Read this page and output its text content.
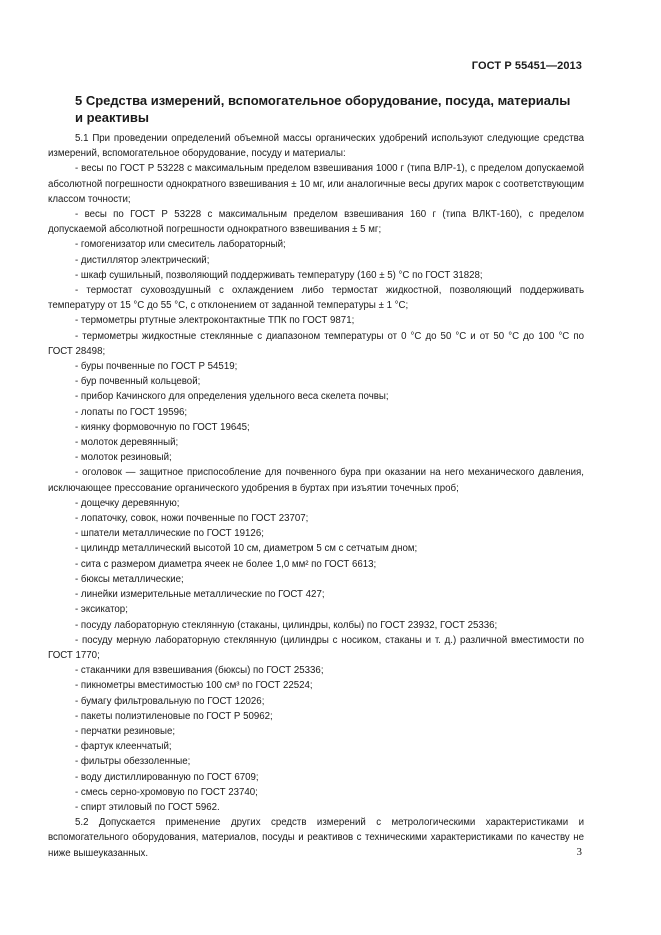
ГОСТ Р 55451—2013
5 Средства измерений, вспомогательное оборудование, посуда, материалы и реактивы

5.1 При проведении определений объемной массы органических удобрений используют следующие средства измерений, вспомогательное оборудование, посуду и материалы:

- весы по ГОСТ Р 53228 с максимальным пределом взвешивания 1000 г (типа ВЛР-1), с пределом допускаемой абсолютной погрешности однократного взвешивания ± 10 мг, или аналогичные весы других марок с соответствующим классом точности;

- весы по ГОСТ Р 53228 с максимальным пределом взвешивания 160 г (типа ВЛКТ-160), с пределом допускаемой абсолютной погрешности однократного взвешивания ± 5 мг;

- гомогенизатор или смеситель лабораторный;

- дистиллятор электрический;

- шкаф сушильный, позволяющий поддерживать температуру (160 ± 5) °С по ГОСТ 31828;

- термостат суховоздушный с охлаждением либо термостат жидкостной, позволяющий поддерживать температуру от 15 °С до 55 °С, с отклонением от заданной температуры ± 1 °С;

- термометры ртутные электроконтактные ТПК по ГОСТ 9871;

- термометры жидкостные стеклянные с диапазоном температуры от 0 °С до 50 °С и от 50 °С до 100 °С по ГОСТ 28498;

- буры почвенные по ГОСТ Р 54519;

- бур почвенный кольцевой;

- прибор Качинского для определения удельного веса скелета почвы;

- лопаты по ГОСТ 19596;

- киянку формовочную по ГОСТ 19645;

- молоток деревянный;

- молоток резиновый;

- оголовок — защитное приспособление для почвенного бура при оказании на него механического давления, исключающее прессование органического удобрения в буртах при изъятии точечных проб;

- дощечку деревянную;

- лопаточку, совок, ножи почвенные по ГОСТ 23707;

- шпатели металлические по ГОСТ 19126;

- цилиндр металлический высотой 10 см, диаметром 5 см с сетчатым дном;

- сита с размером диаметра ячеек не более 1,0 мм² по ГОСТ 6613;

- бюксы металлические;

- линейки измерительные металлические по ГОСТ 427;

- эксикатор;

- посуду лабораторную стеклянную (стаканы, цилиндры, колбы) по ГОСТ 23932, ГОСТ 25336;

- посуду мерную лабораторную стеклянную (цилиндры с носиком, стаканы и т. д.) различной вместимости по ГОСТ 1770;

- стаканчики для взвешивания (бюксы) по ГОСТ 25336;

- пикнометры вместимостью 100 см³ по ГОСТ 22524;

- бумагу фильтровальную по ГОСТ 12026;

- пакеты полиэтиленовые по ГОСТ Р 50962;

- перчатки резиновые;

- фартук клеенчатый;

- фильтры обеззоленные;

- воду дистиллированную по ГОСТ 6709;

- смесь серно-хромовую по ГОСТ 23740;

- спирт этиловый по ГОСТ 5962.

5.2 Допускается применение других средств измерений с метрологическими характеристиками и вспомогательного оборудования, материалов, посуды и реактивов с техническими характеристиками по качеству не ниже вышеуказанных.	3
